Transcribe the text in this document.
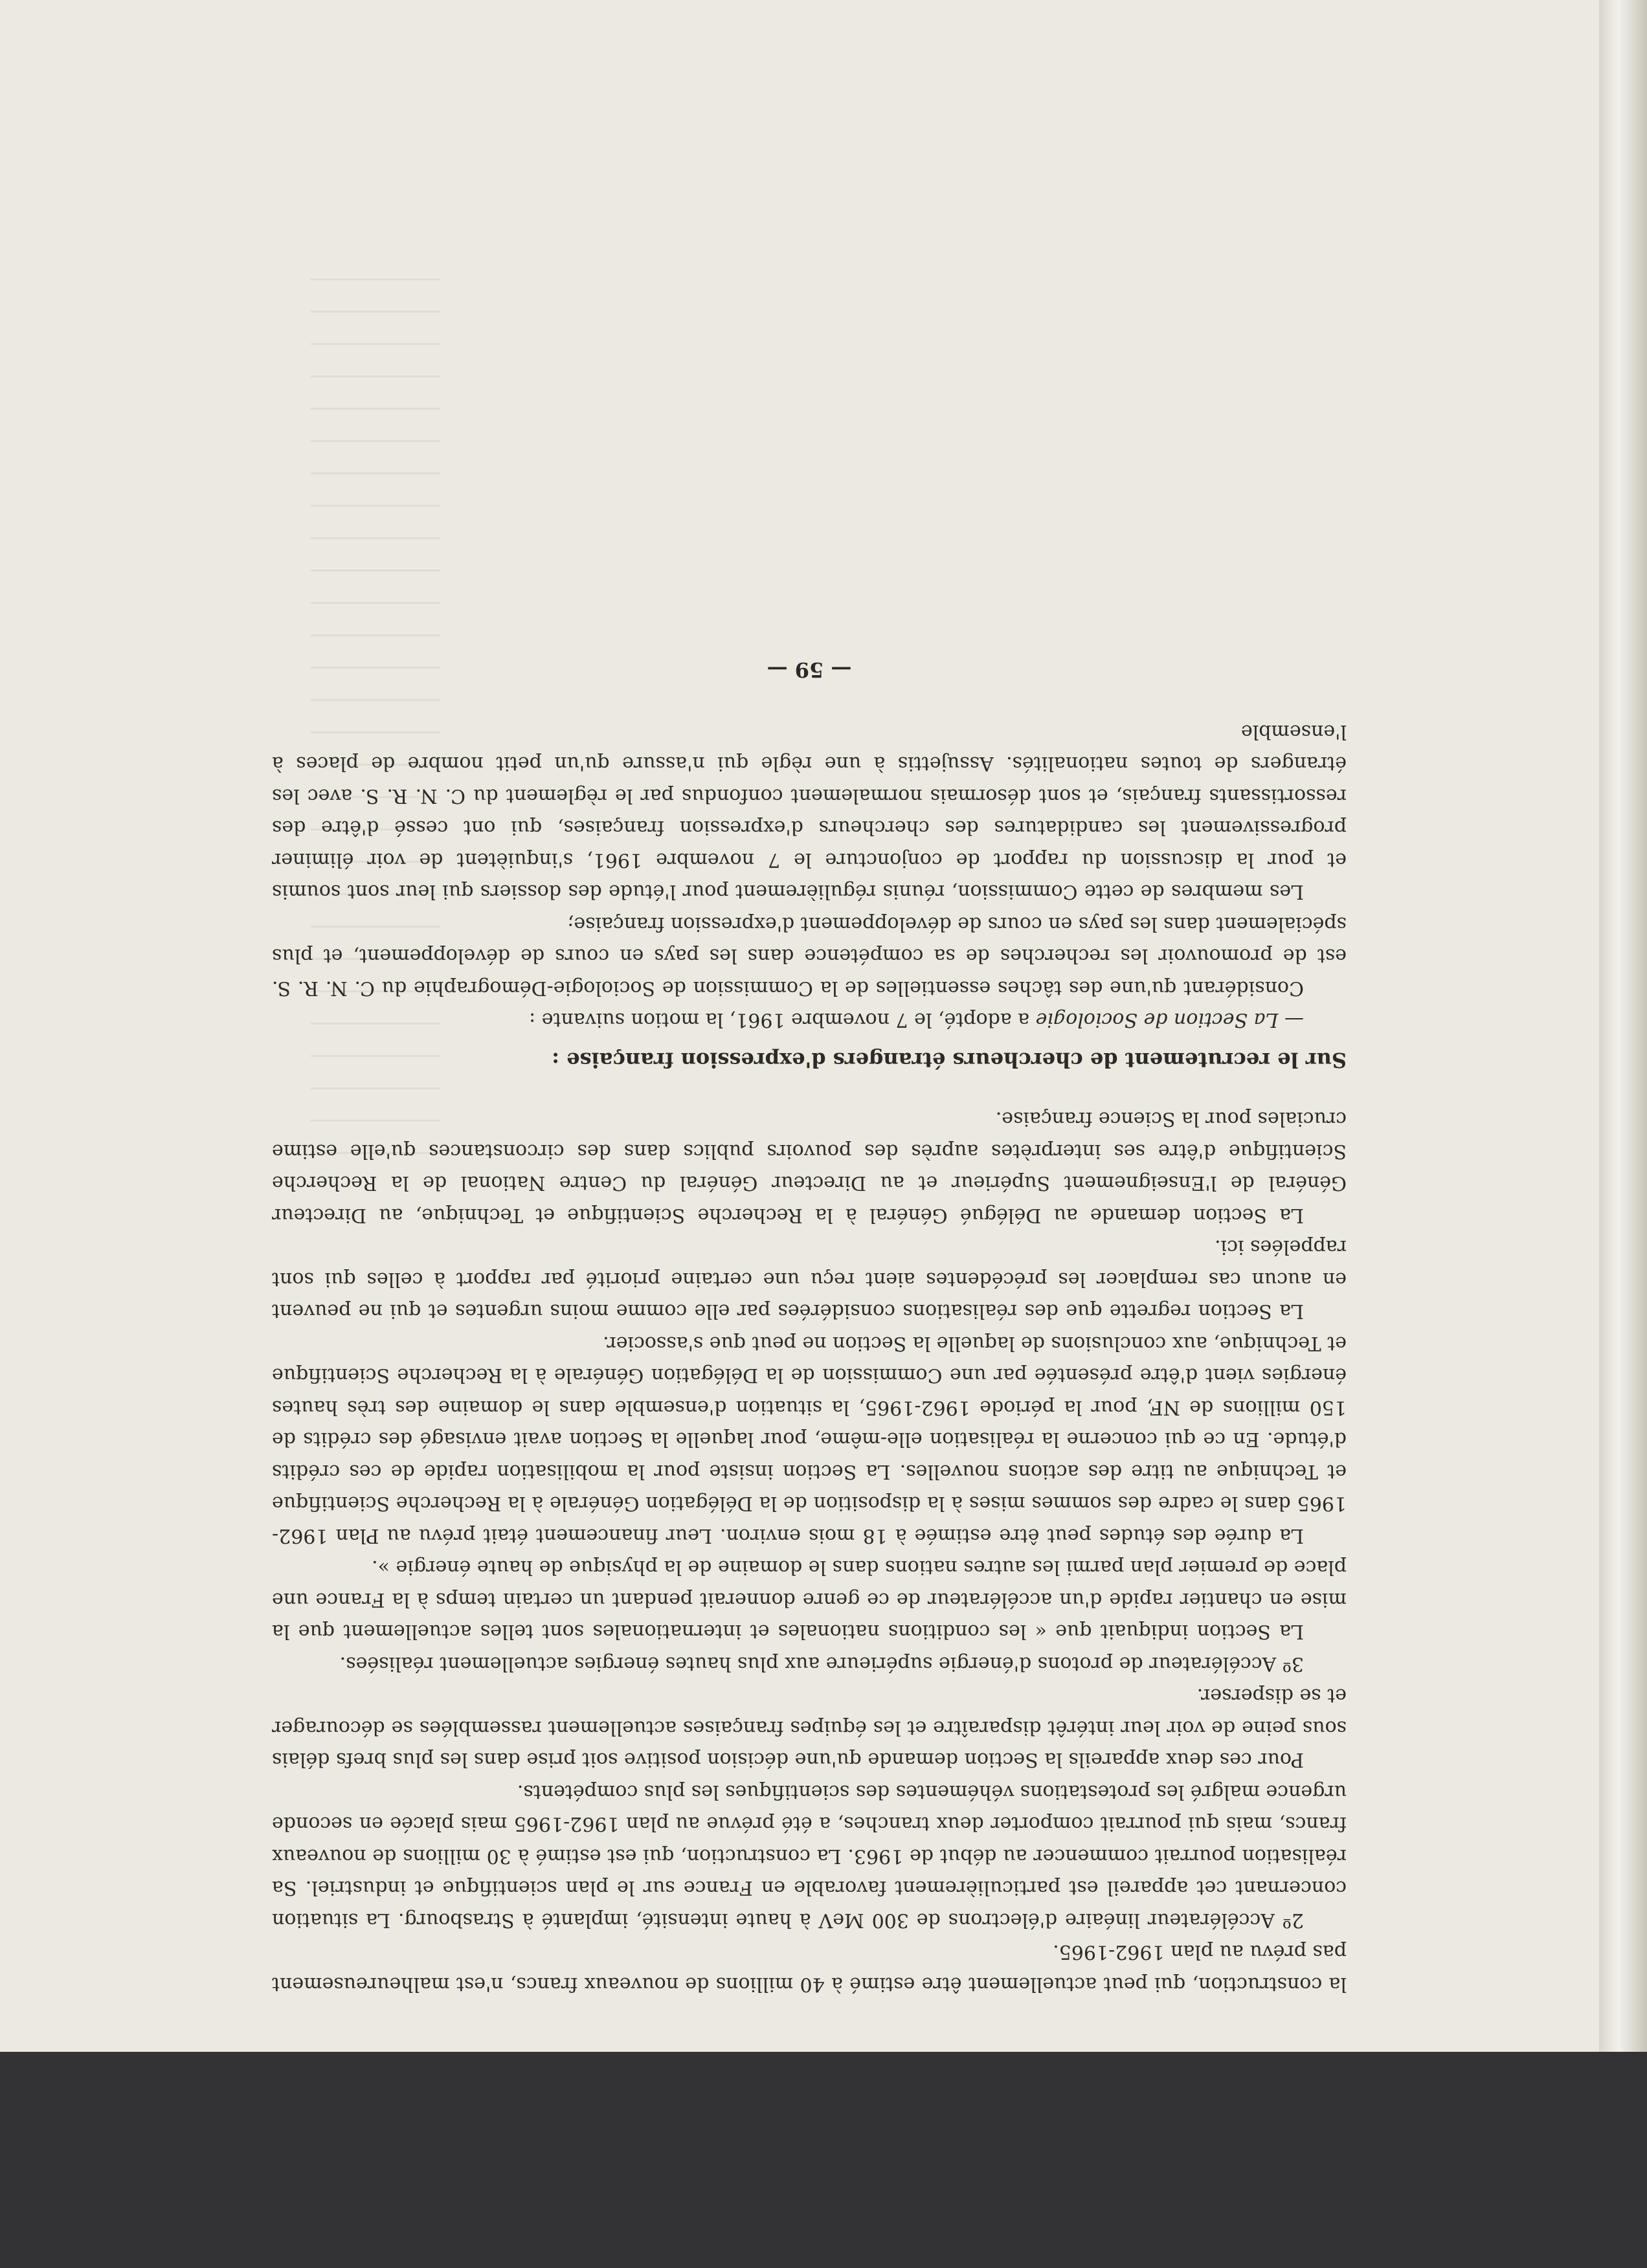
la construction, qui peut actuellement être estimé à 40 millions de nouveaux francs, n'est malheureusement pas prévu au plan 1962-1965.

2º Accélérateur linéaire d'électrons de 300 MeV à haute intensité, implanté à Strasbourg. La situation concernant cet appareil est particulièrement favorable en France sur le plan scientifique et industriel. Sa réalisation pourrait commencer au début de 1963. La construction, qui est estimé à 30 millions de nouveaux francs, mais qui pourrait comporter deux tranches, a été prévue au plan 1962-1965 mais placée en seconde urgence malgré les protestations véhémentes des scientifiques les plus compétents.

Pour ces deux appareils la Section demande qu'une décision positive soit prise dans les plus brefs délais sous peine de voir leur intérêt disparaître et les équipes françaises actuellement rassemblées se décourager et se disperser.

3º Accélérateur de protons d'énergie supérieure aux plus hautes énergies actuellement réalisées.

La Section indiquait que « les conditions nationales et internationales sont telles actuellement que la mise en chantier rapide d'un accélérateur de ce genre donnerait pendant un certain temps à la France une place de premier plan parmi les autres nations dans le domaine de la physique de haute énergie ».

La durée des études peut être estimée à 18 mois environ. Leur financement était prévu au Plan 1962-1965 dans le cadre des sommes mises à la disposition de la Délégation Générale à la Recherche Scientifique et Technique au titre des actions nouvelles. La Section insiste pour la mobilisation rapide de ces crédits d'étude. En ce qui concerne la réalisation elle-même, pour laquelle la Section avait envisagé des crédits de 150 millions de NF, pour la période 1962-1965, la situation d'ensemble dans le domaine des très hautes énergies vient d'être présentée par une Commission de la Délégation Générale à la Recherche Scientifique et Technique, aux conclusions de laquelle la Section ne peut que s'associer.

La Section regrette que des réalisations considérées par elle comme moins urgentes et qui ne peuvent en aucun cas remplacer les précédentes aient reçu une certaine priorité par rapport à celles qui sont rappelées ici.

La Section demande au Délégué Général à la Recherche Scientifique et Technique, au Directeur Général de l'Enseignement Supérieur et au Directeur Général du Centre National de la Recherche Scientifique d'être ses interprètes auprès des pouvoirs publics dans des circonstances qu'elle estime cruciales pour la Science française.

Sur le recrutement de chercheurs étrangers d'expression française :

— La Section de Sociologie a adopté, le 7 novembre 1961, la motion suivante :

Considérant qu'une des tâches essentielles de la Commission de Sociologie-Démographie du C. N. R. S. est de promouvoir les recherches de sa compétence dans les pays en cours de développement, et plus spécialement dans les pays en cours de développement d'expression française;

Les membres de cette Commission, réunis régulièrement pour l'étude des dossiers qui leur sont soumis et pour la discussion du rapport de conjoncture le 7 novembre 1961, s'inquiètent de voir éliminer progressivement les candidatures des chercheurs d'expression françaises, qui ont cessé d'être des ressortissants français, et sont désormais normalement confondus par le règlement du C. N. R. S. avec les étrangers de toutes nationalités. Assujettis à une règle qui n'assure qu'un petit nombre de places à l'ensemble

— 59 —
